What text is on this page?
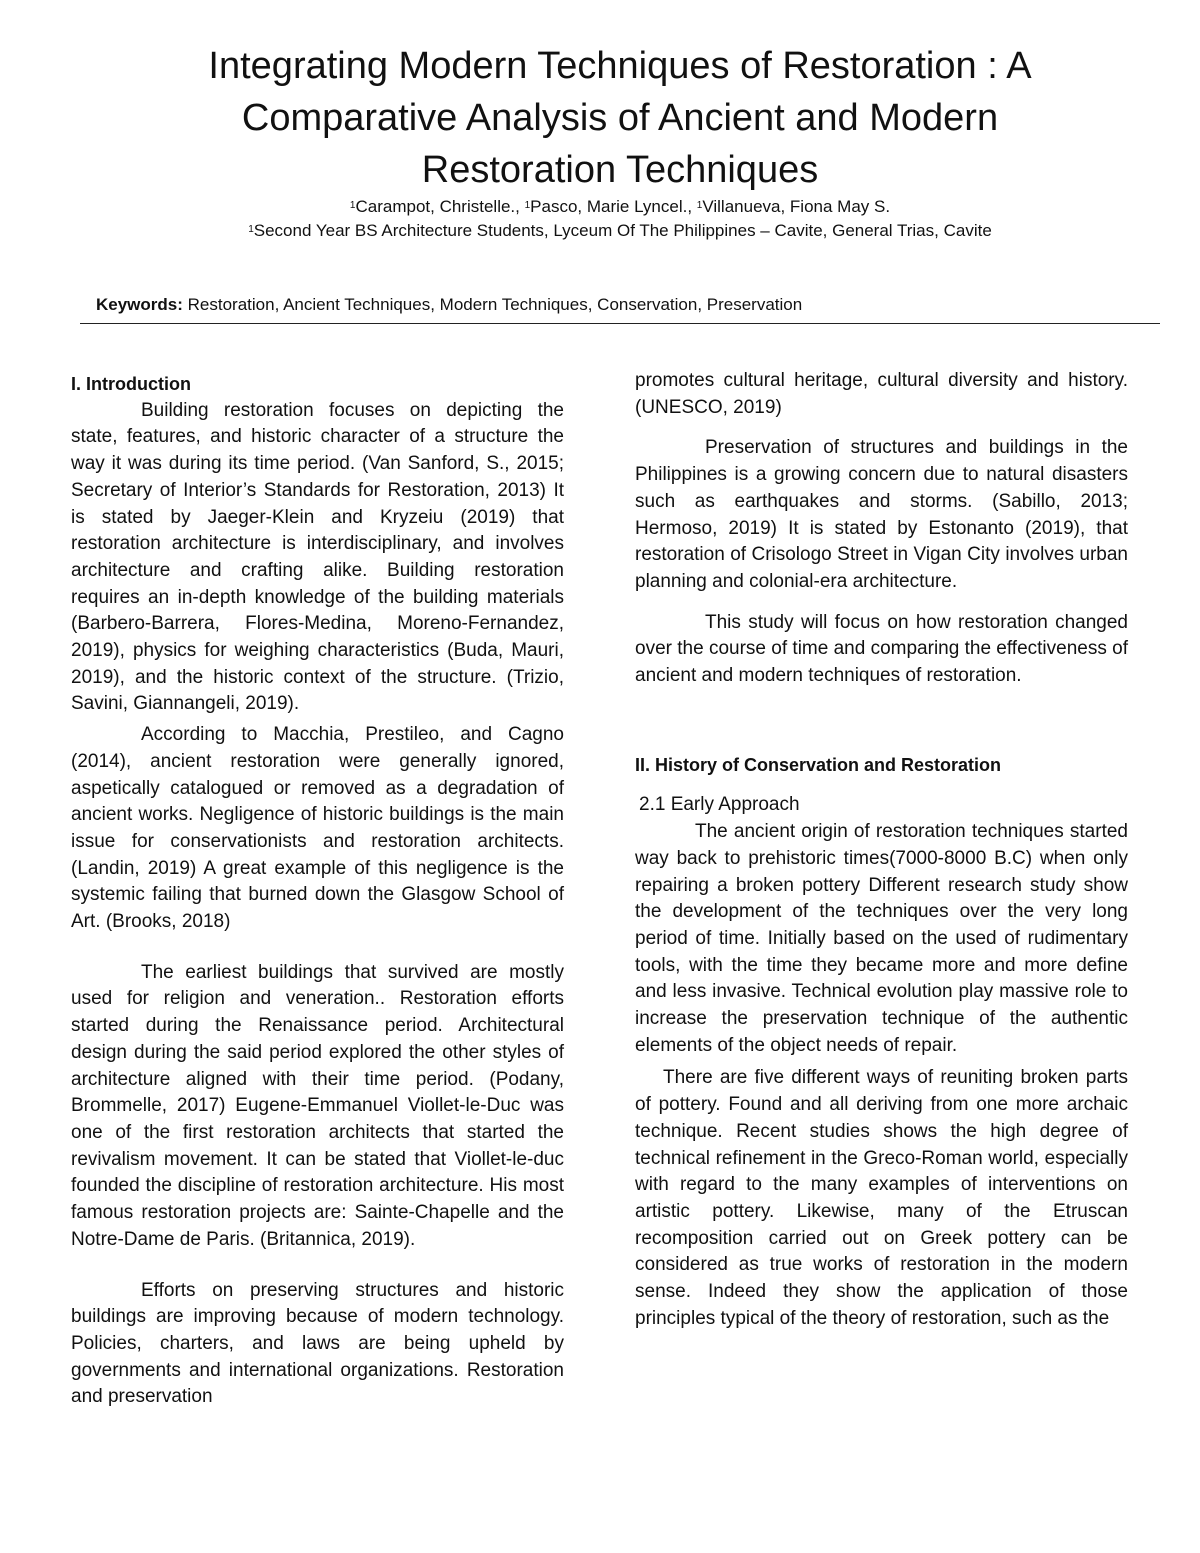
Integrating Modern Techniques of Restoration : A
Comparative Analysis of Ancient and Modern
Restoration Techniques
$^1$Carampot, Christelle., $^1$Pasco, Marie Lyncel., $^1$Villanueva, Fiona May S.
$^1$Second Year BS Architecture Students, Lyceum Of The Philippines – Cavite, General Trias, Cavite
Keywords: Restoration, Ancient Techniques, Modern Techniques, Conservation, Preservation

I. Introduction

Building restoration focuses on depicting the state, features, and historic character of a structure the way it was during its time period. (Van Sanford, S., 2015; Secretary of Interior’s Standards for Restoration, 2013) It is stated by Jaeger-Klein and Kryzeiu (2019) that restoration architecture is interdisciplinary, and involves architecture and crafting alike. Building restoration requires an in-depth knowledge of the building materials (Barbero-Barrera, Flores-Medina, Moreno-Fernandez, 2019), physics for weighing characteristics (Buda, Mauri, 2019), and the historic context of the structure. (Trizio, Savini, Giannangeli, 2019).

According to Macchia, Prestileo, and Cagno (2014), ancient restoration were generally ignored, aspetically catalogued or removed as a degradation of ancient works. Negligence of historic buildings is the main issue for conservationists and restoration architects. (Landin, 2019) A great example of this negligence is the systemic failing that burned down the Glasgow School of Art. (Brooks, 2018)

The earliest buildings that survived are mostly used for religion and veneration.. Restoration efforts started during the Renaissance period. Architectural design during the said period explored the other styles of architecture aligned with their time period. (Podany, Brommelle, 2017) Eugene-Emmanuel Viollet-le-Duc was one of the first restoration architects that started the revivalism movement. It can be stated that Viollet-le-duc founded the discipline of restoration architecture. His most famous restoration projects are: Sainte-Chapelle and the Notre-Dame de Paris. (Britannica, 2019).

Efforts on preserving structures and historic buildings are improving because of modern technology. Policies, charters, and laws are being upheld by governments and international organizations. Restoration and preservation

promotes cultural heritage, cultural diversity and history. (UNESCO, 2019)

Preservation of structures and buildings in the Philippines is a growing concern due to natural disasters such as earthquakes and storms. (Sabillo, 2013; Hermoso, 2019) It is stated by Estonanto (2019), that restoration of Crisologo Street in Vigan City involves urban planning and colonial-era architecture.

This study will focus on how restoration changed over the course of time and comparing the effectiveness of ancient and modern techniques of restoration.

II. History of Conservation and Restoration

2.1 Early Approach

The ancient origin of restoration techniques started way back to prehistoric times(7000-8000 B.C) when only repairing a broken pottery Different research study show the development of the techniques over the very long period of time. Initially based on the used of rudimentary tools, with the time they became more and more define and less invasive. Technical evolution play massive role to increase the preservation technique of the authentic elements of the object needs of repair.

There are five different ways of reuniting broken parts of pottery. Found and all deriving from one more archaic technique. Recent studies shows the high degree of technical refinement in the Greco-Roman world, especially with regard to the many examples of interventions on artistic pottery. Likewise, many of the Etruscan recomposition carried out on Greek pottery can be considered as true works of restoration in the modern sense. Indeed they show the application of those principles typical of the theory of restoration, such as the
